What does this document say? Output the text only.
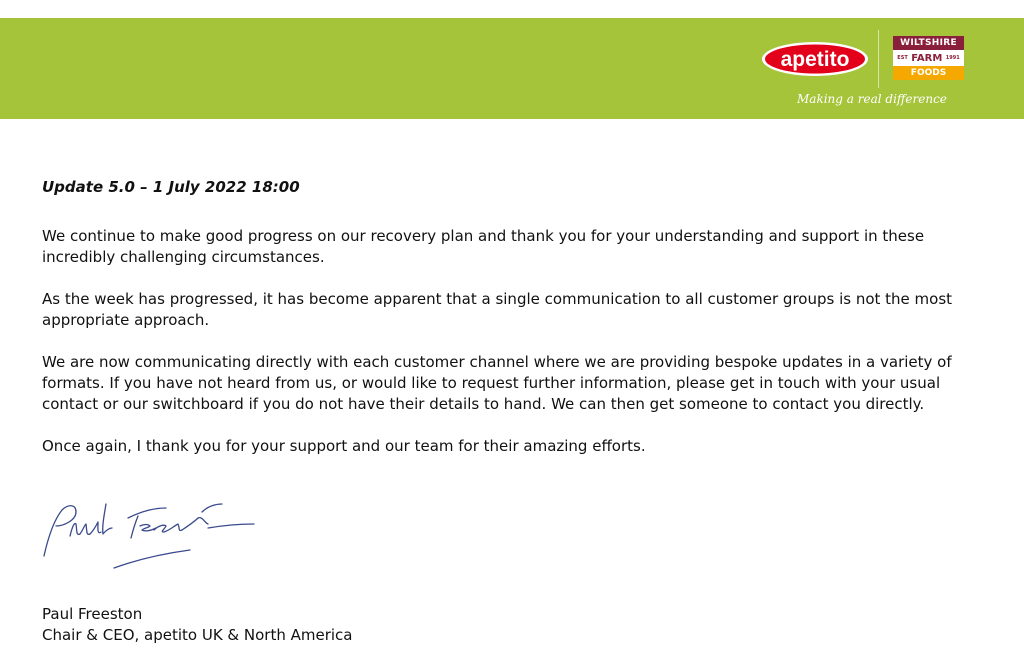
apetito
WILTSHIRE
EST FARM 1991
FOODS
Making a real difference
Update 5.0 – 1 July 2022 18:00

We continue to make good progress on our recovery plan and thank you for your understanding and support in these incredibly challenging circumstances.

As the week has progressed, it has become apparent that a single communication to all customer groups is not the most appropriate approach.

We are now communicating directly with each customer channel where we are providing bespoke updates in a variety of formats. If you have not heard from us, or would like to request further information, please get in touch with your usual contact or our switchboard if you do not have their details to hand. We can then get someone to contact you directly.

Once again, I thank you for your support and our team for their amazing efforts.

Paul Freeston
Chair & CEO, apetito UK & North America
